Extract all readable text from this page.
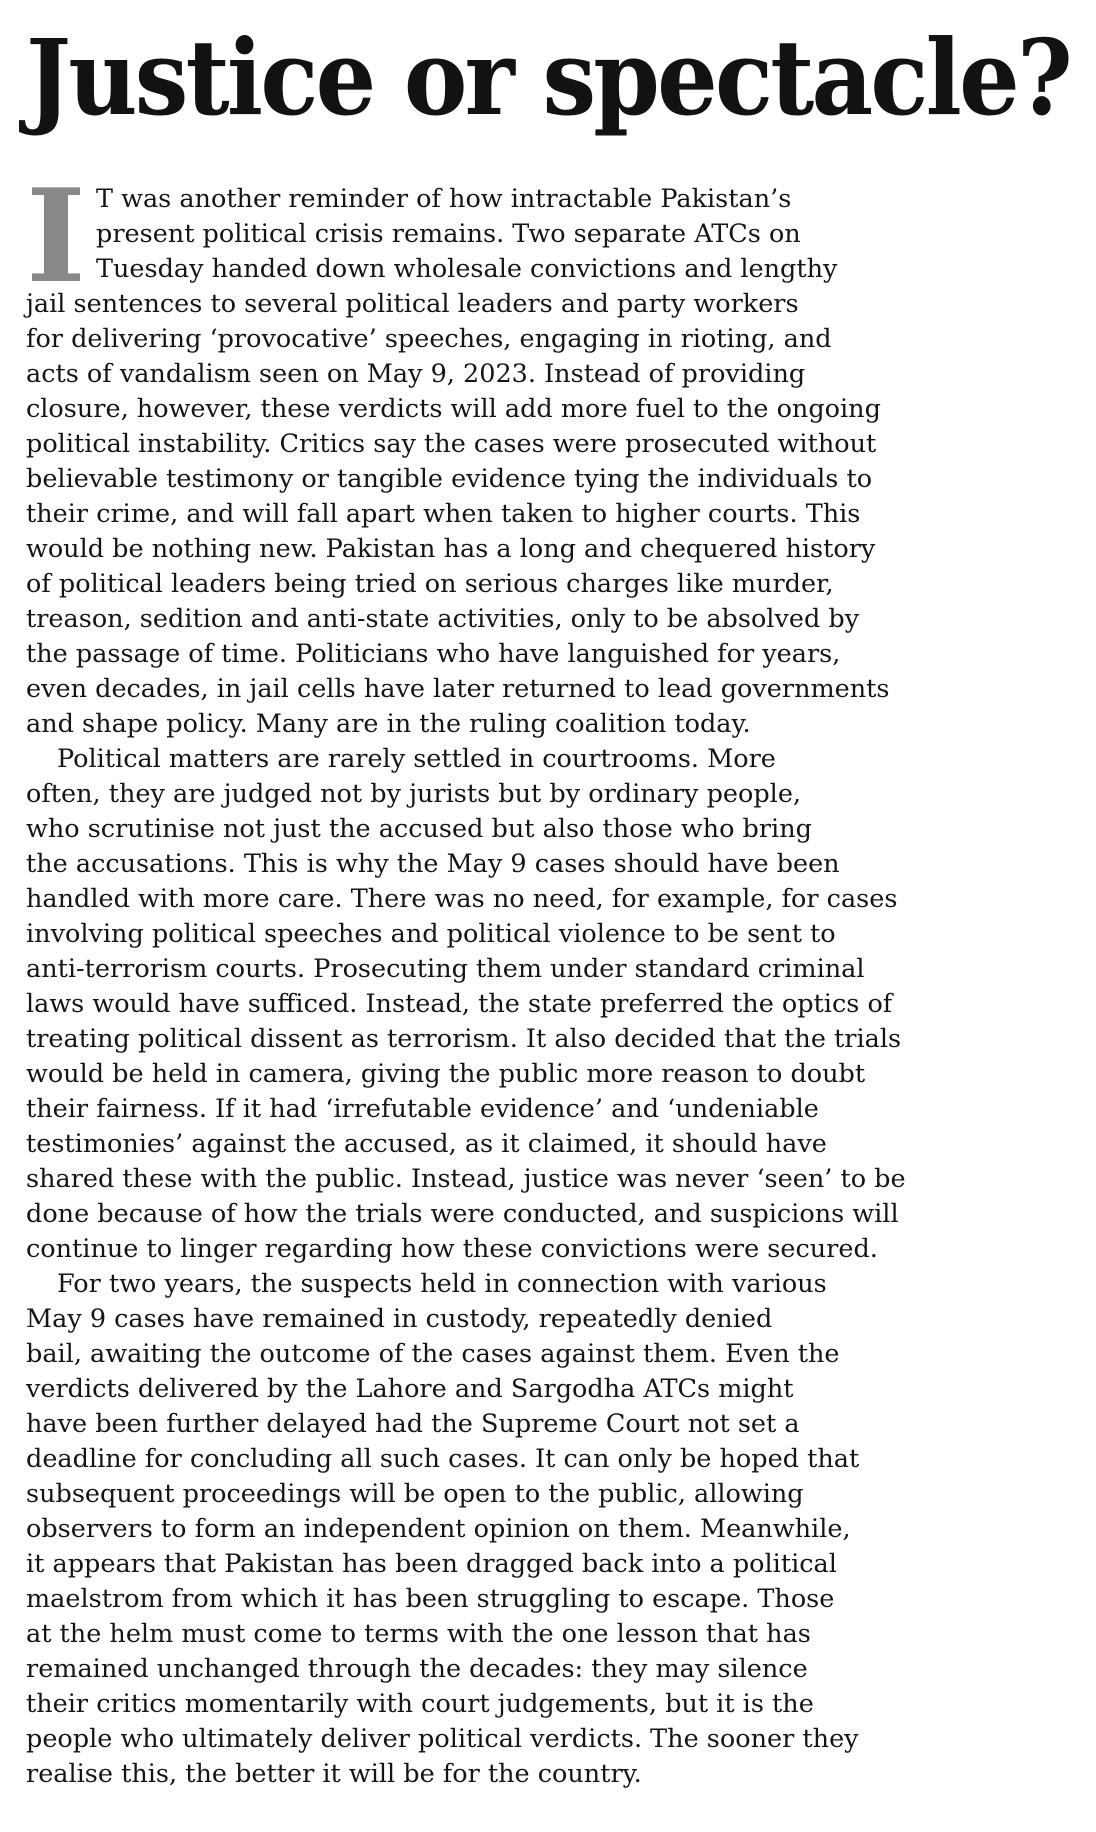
Justice or spectacle?
I T was another reminder of how intractable Pakistan’s
present political crisis remains. Two separate ATCs on
Tuesday handed down wholesale convictions and lengthy
jail sentences to several political leaders and party workers
for delivering ‘provocative’ speeches, engaging in rioting, and
acts of vandalism seen on May 9, 2023. Instead of providing
closure, however, these verdicts will add more fuel to the ongoing
political instability. Critics say the cases were prosecuted without
believable testimony or tangible evidence tying the individuals to
their crime, and will fall apart when taken to higher courts. This
would be nothing new. Pakistan has a long and chequered history
of political leaders being tried on serious charges like murder,
treason, sedition and anti-state activities, only to be absolved by
the passage of time. Politicians who have languished for years,
even decades, in jail cells have later returned to lead governments
and shape policy. Many are in the ruling coalition today.
Political matters are rarely settled in courtrooms. More
often, they are judged not by jurists but by ordinary people,
who scrutinise not just the accused but also those who bring
the accusations. This is why the May 9 cases should have been
handled with more care. There was no need, for example, for cases
involving political speeches and political violence to be sent to
anti-terrorism courts. Prosecuting them under standard criminal
laws would have sufficed. Instead, the state preferred the optics of
treating political dissent as terrorism. It also decided that the trials
would be held in camera, giving the public more reason to doubt
their fairness. If it had ‘irrefutable evidence’ and ‘undeniable
testimonies’ against the accused, as it claimed, it should have
shared these with the public. Instead, justice was never ‘seen’ to be
done because of how the trials were conducted, and suspicions will
continue to linger regarding how these convictions were secured.
For two years, the suspects held in connection with various
May 9 cases have remained in custody, repeatedly denied
bail, awaiting the outcome of the cases against them. Even the
verdicts delivered by the Lahore and Sargodha ATCs might
have been further delayed had the Supreme Court not set a
deadline for concluding all such cases. It can only be hoped that
subsequent proceedings will be open to the public, allowing
observers to form an independent opinion on them. Meanwhile,
it appears that Pakistan has been dragged back into a political
maelstrom from which it has been struggling to escape. Those
at the helm must come to terms with the one lesson that has
remained unchanged through the decades: they may silence
their critics momentarily with court judgements, but it is the
people who ultimately deliver political verdicts. The sooner they
realise this, the better it will be for the country.
